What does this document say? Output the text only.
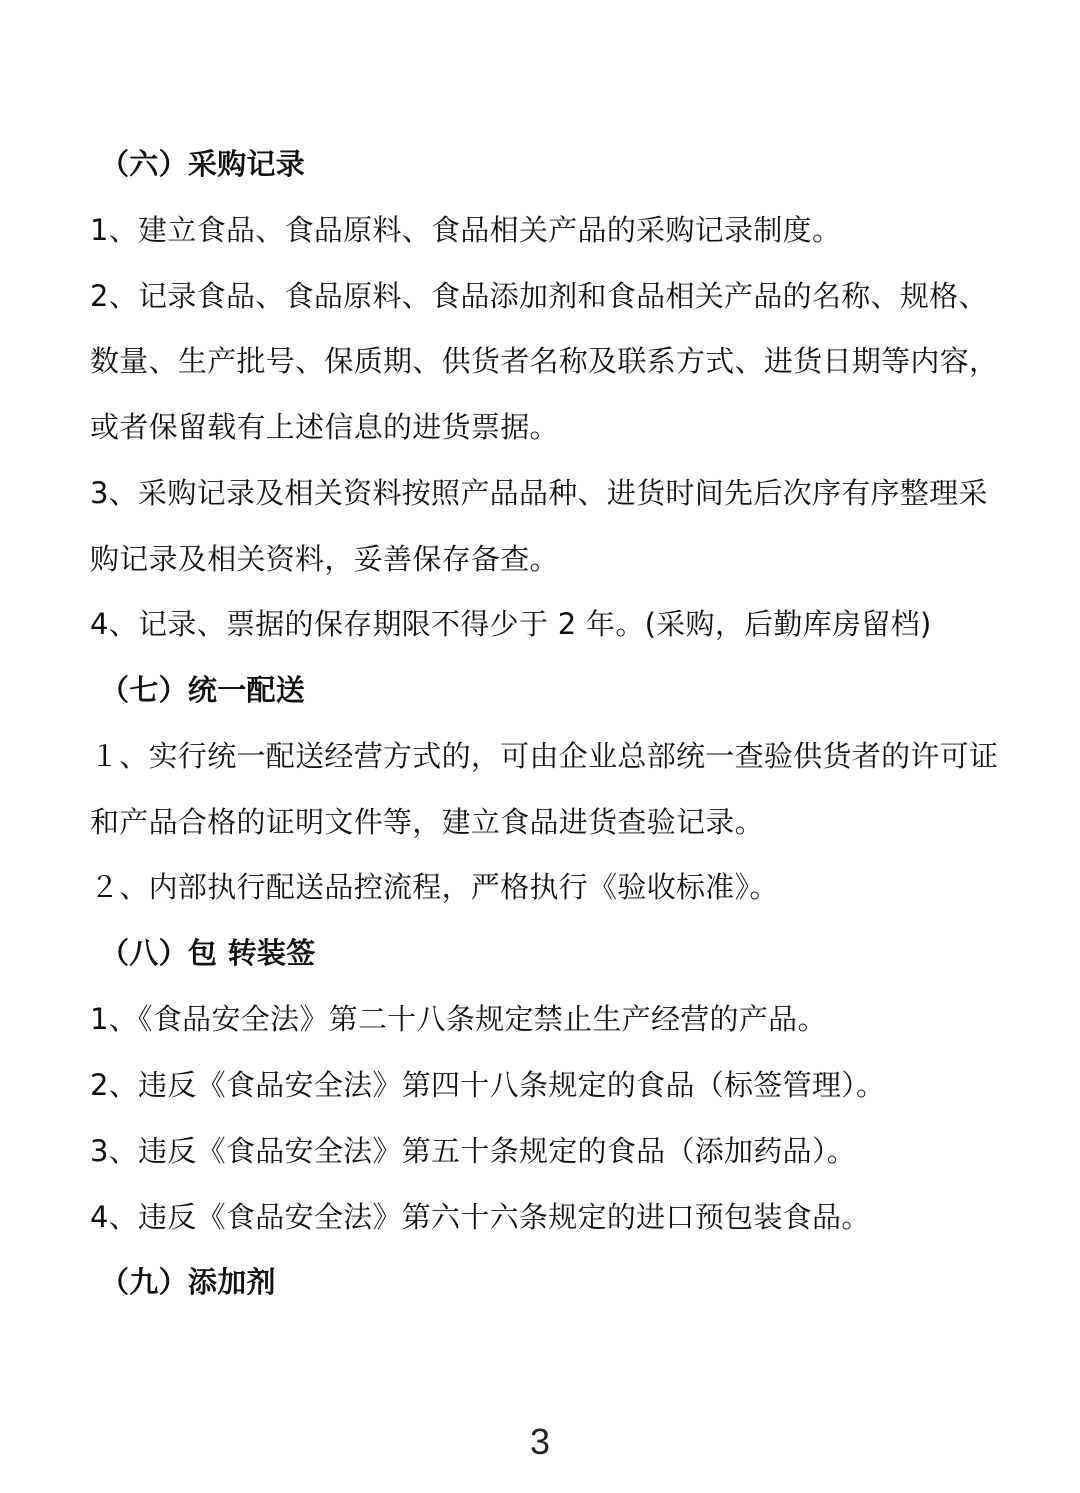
（六）采购记录
1、建立食品、食品原料、食品相关产品的采购记录制度。
2、记录食品、食品原料、食品添加剂和食品相关产品的名称、规格、
数量、生产批号、保质期、供货者名称及联系方式、进货日期等内容，
或者保留载有上述信息的进货票据。
3、采购记录及相关资料按照产品品种、进货时间先后次序有序整理采
购记录及相关资料，妥善保存备查。
4、记录、票据的保存期限不得少于 2 年。(采购，后勤库房留档)
（七）统一配送
１、实行统一配送经营方式的，可由企业总部统一查验供货者的许可证
和产品合格的证明文件等，建立食品进货查验记录。
２、内部执行配送品控流程，严格执行《验收标准》。
（八）包 转装签
1、《食品安全法》第二十八条规定禁止生产经营的产品。
2、违反《食品安全法》第四十八条规定的食品（标签管理）。
3、违反《食品安全法》第五十条规定的食品（添加药品）。
4、违反《食品安全法》第六十六条规定的进口预包装食品。
（九）添加剂
3
